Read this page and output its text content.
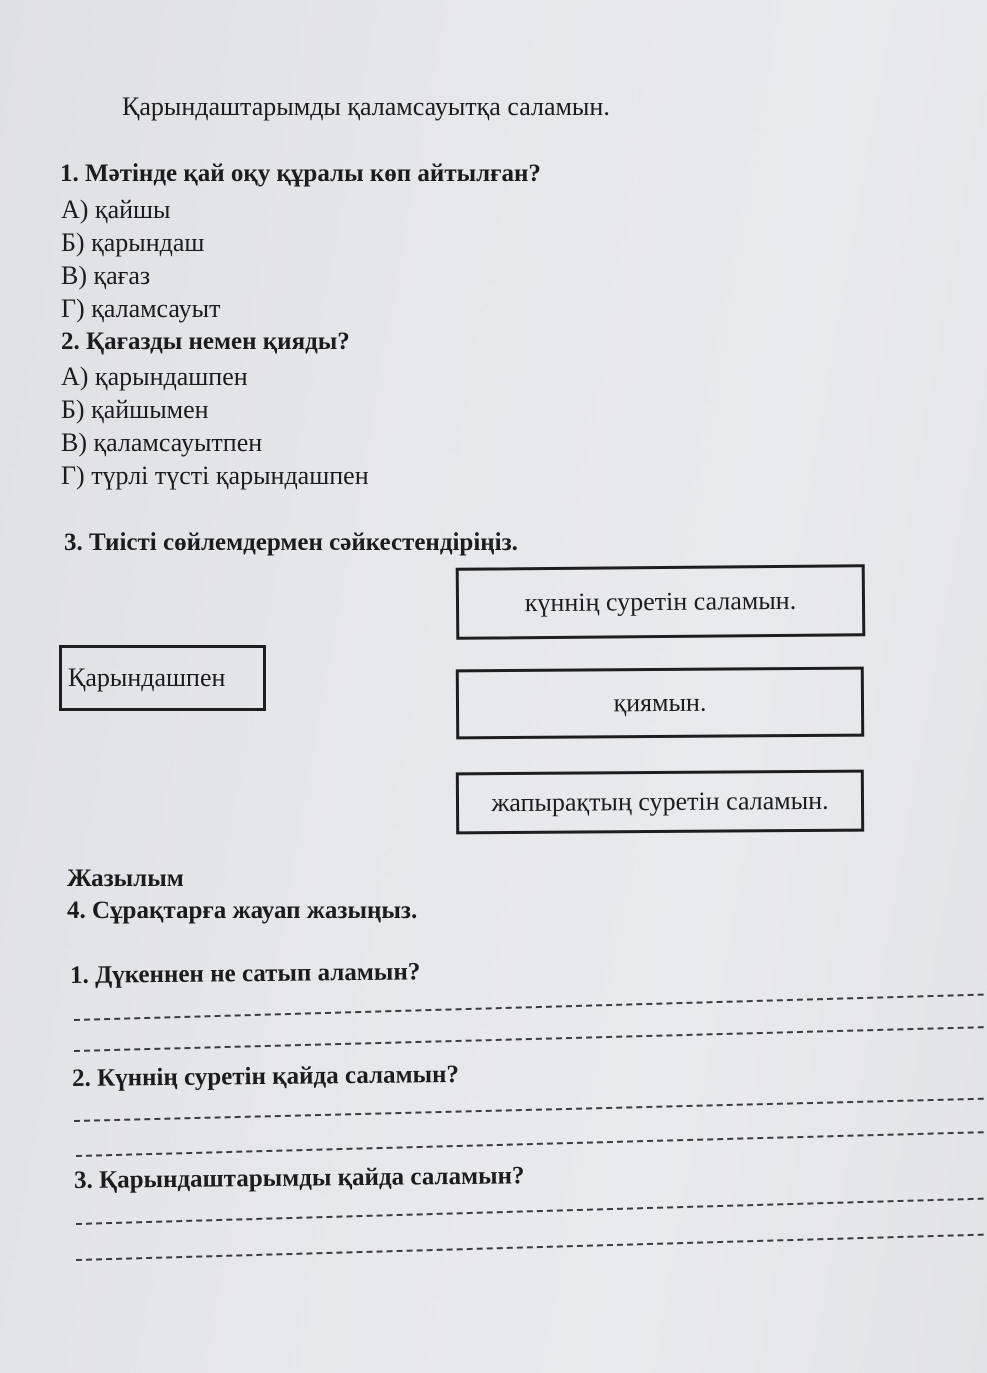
Қарындаштарымды қаламсауытқа саламын.
1. Мәтінде қай оқу құралы көп айтылған?
А) қайшы
Б) қарындаш
В) қағаз
Г) қаламсауыт
2. Қағазды немен қияды?
А) қарындашпен
Б) қайшымен
В) қаламсауытпен
Г) түрлі түсті қарындашпен
3. Тиісті сөйлемдермен сәйкестендіріңіз.
күннің суретін саламын.
Қарындашпен
қиямын.
жапырақтың суретін саламын.
Жазылым
4. Сұрақтарға жауап жазыңыз.
1. Дүкеннен не сатып аламын?
2. Күннің суретін қайда саламын?
3. Қарындаштарымды қайда саламын?
